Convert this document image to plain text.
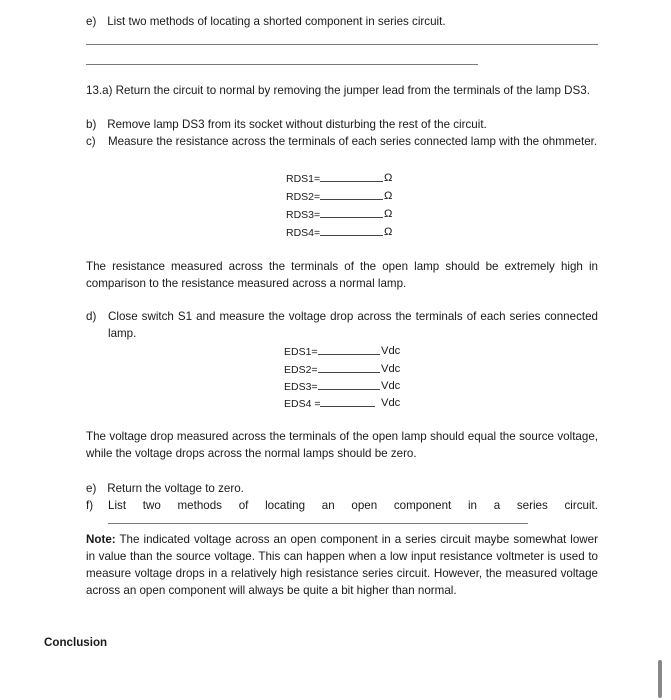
e) List two methods of locating a shorted component in series circuit.
13.a) Return the circuit to normal by removing the jumper lead from the terminals of the lamp DS3.
b) Remove lamp DS3 from its socket without disturbing the rest of the circuit.
c)	Measure the resistance across the terminals of each series connected lamp with the ohmmeter.
RDS1=	Ω
RDS2=	Ω
RDS3=	Ω
RDS4=	Ω
The resistance measured across the terminals of the open lamp should be extremely high in comparison to the resistance measured across a normal lamp.
d)	Close switch S1 and measure the voltage drop across the terminals of each series connected lamp.
EDS1=	Vdc
EDS2=	Vdc
EDS3=	Vdc
EDS4 =	Vdc
The voltage drop measured across the terminals of the open lamp should equal the source voltage, while the voltage drops across the normal lamps should be zero.
e) Return the voltage to zero.
f)	List two methods of locating an open component in a series circuit.
Note: The indicated voltage across an open component in a series circuit maybe somewhat lower in value than the source voltage. This can happen when a low input resistance voltmeter is used to measure voltage drops in a relatively high resistance series circuit. However, the measured voltage across an open component will always be quite a bit higher than normal.
Conclusion
